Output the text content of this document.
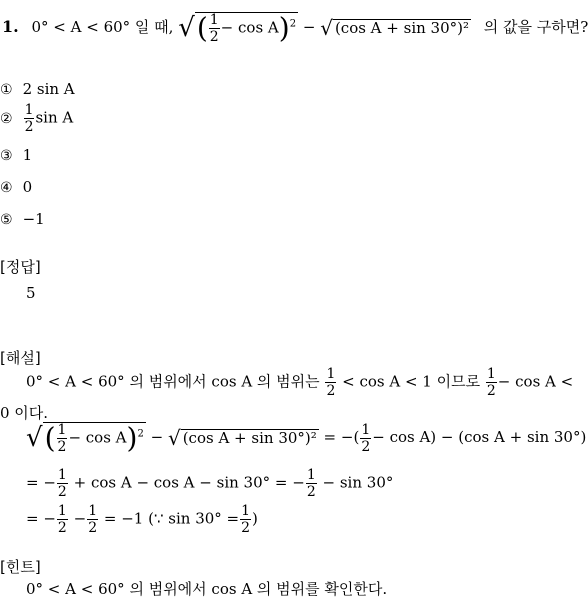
1. 0° < A < 60° 일 때, √( $\frac{1}{2} - \cos A)^2$ − √ (cos A + sin 30°)² 의 값을 구하면?
① 2 sin A
② $\frac{1}{2}$ sin A
③ 1
④ 0
⑤ −1
[정답]
5
[해설]
0° < A < 60° 의 범위에서 cos A 의 범위는 $\frac{1}{2} < \cos A < 1$ 이므로 $\frac{1}{2} - \cos A$ <
0 이다.
√( $\frac{1}{2} - \cos A)^2$ − √ (cos A + sin 30°)² = −( $\frac{1}{2} - \cos A) - (\cos$ A + sin 30°)
= − $\frac{1}{2} + \cos A - \cos A - \sin 30^\circ$ = − $\frac{1}{2} - \sin 30^\circ$
= − $\frac{1}{2} - \frac{1}{2} = -1$ (∵ $\sin 30^\circ = \frac{1}{2}$ )
[힌트]
0° < A < 60° 의 범위에서 cos A 의 범위를 확인한다.
